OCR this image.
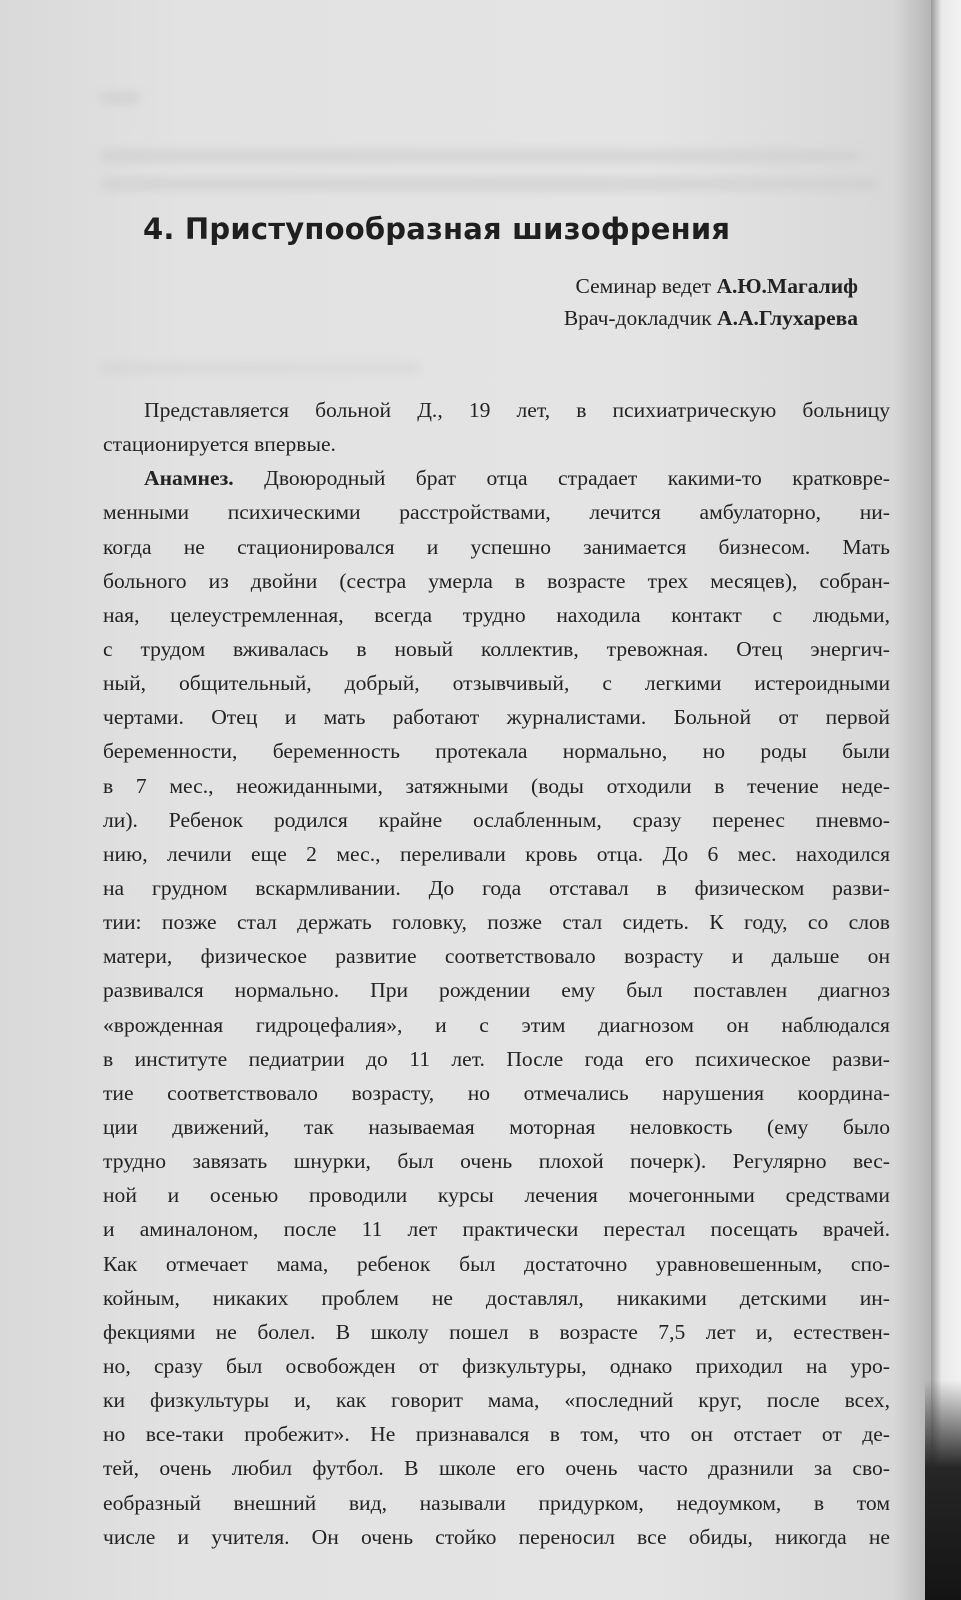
4. Приступообразная шизофрения
Семинар ведет А.Ю.Магалиф
Врач-докладчик А.А.Глухарева
Представляется больной Д., 19 лет, в психиатрическую больницу
стационируется впервые.
Анамнез. Двоюродный брат отца страдает какими-то кратковре-
менными психическими расстройствами, лечится амбулаторно, ни-
когда не стационировался и успешно занимается бизнесом. Мать
больного из двойни (сестра умерла в возрасте трех месяцев), собран-
ная, целеустремленная, всегда трудно находила контакт с людьми,
с трудом вживалась в новый коллектив, тревожная. Отец энергич-
ный, общительный, добрый, отзывчивый, с легкими истероидными
чертами. Отец и мать работают журналистами. Больной от первой
беременности, беременность протекала нормально, но роды были
в 7 мес., неожиданными, затяжными (воды отходили в течение неде-
ли). Ребенок родился крайне ослабленным, сразу перенес пневмо-
нию, лечили еще 2 мес., переливали кровь отца. До 6 мес. находился
на грудном вскармливании. До года отставал в физическом разви-
тии: позже стал держать головку, позже стал сидеть. К году, со слов
матери, физическое развитие соответствовало возрасту и дальше он
развивался нормально. При рождении ему был поставлен диагноз
«врожденная гидроцефалия», и с этим диагнозом он наблюдался
в институте педиатрии до 11 лет. После года его психическое разви-
тие соответствовало возрасту, но отмечались нарушения координа-
ции движений, так называемая моторная неловкость (ему было
трудно завязать шнурки, был очень плохой почерк). Регулярно вес-
ной и осенью проводили курсы лечения мочегонными средствами
и аминалоном, после 11 лет практически перестал посещать врачей.
Как отмечает мама, ребенок был достаточно уравновешенным, спо-
койным, никаких проблем не доставлял, никакими детскими ин-
фекциями не болел. В школу пошел в возрасте 7,5 лет и, естествен-
но, сразу был освобожден от физкультуры, однако приходил на уро-
ки физкультуры и, как говорит мама, «последний круг, после всех,
но все-таки пробежит». Не признавался в том, что он отстает от де-
тей, очень любил футбол. В школе его очень часто дразнили за сво-
еобразный внешний вид, называли придурком, недоумком, в том
числе и учителя. Он очень стойко переносил все обиды, никогда не
